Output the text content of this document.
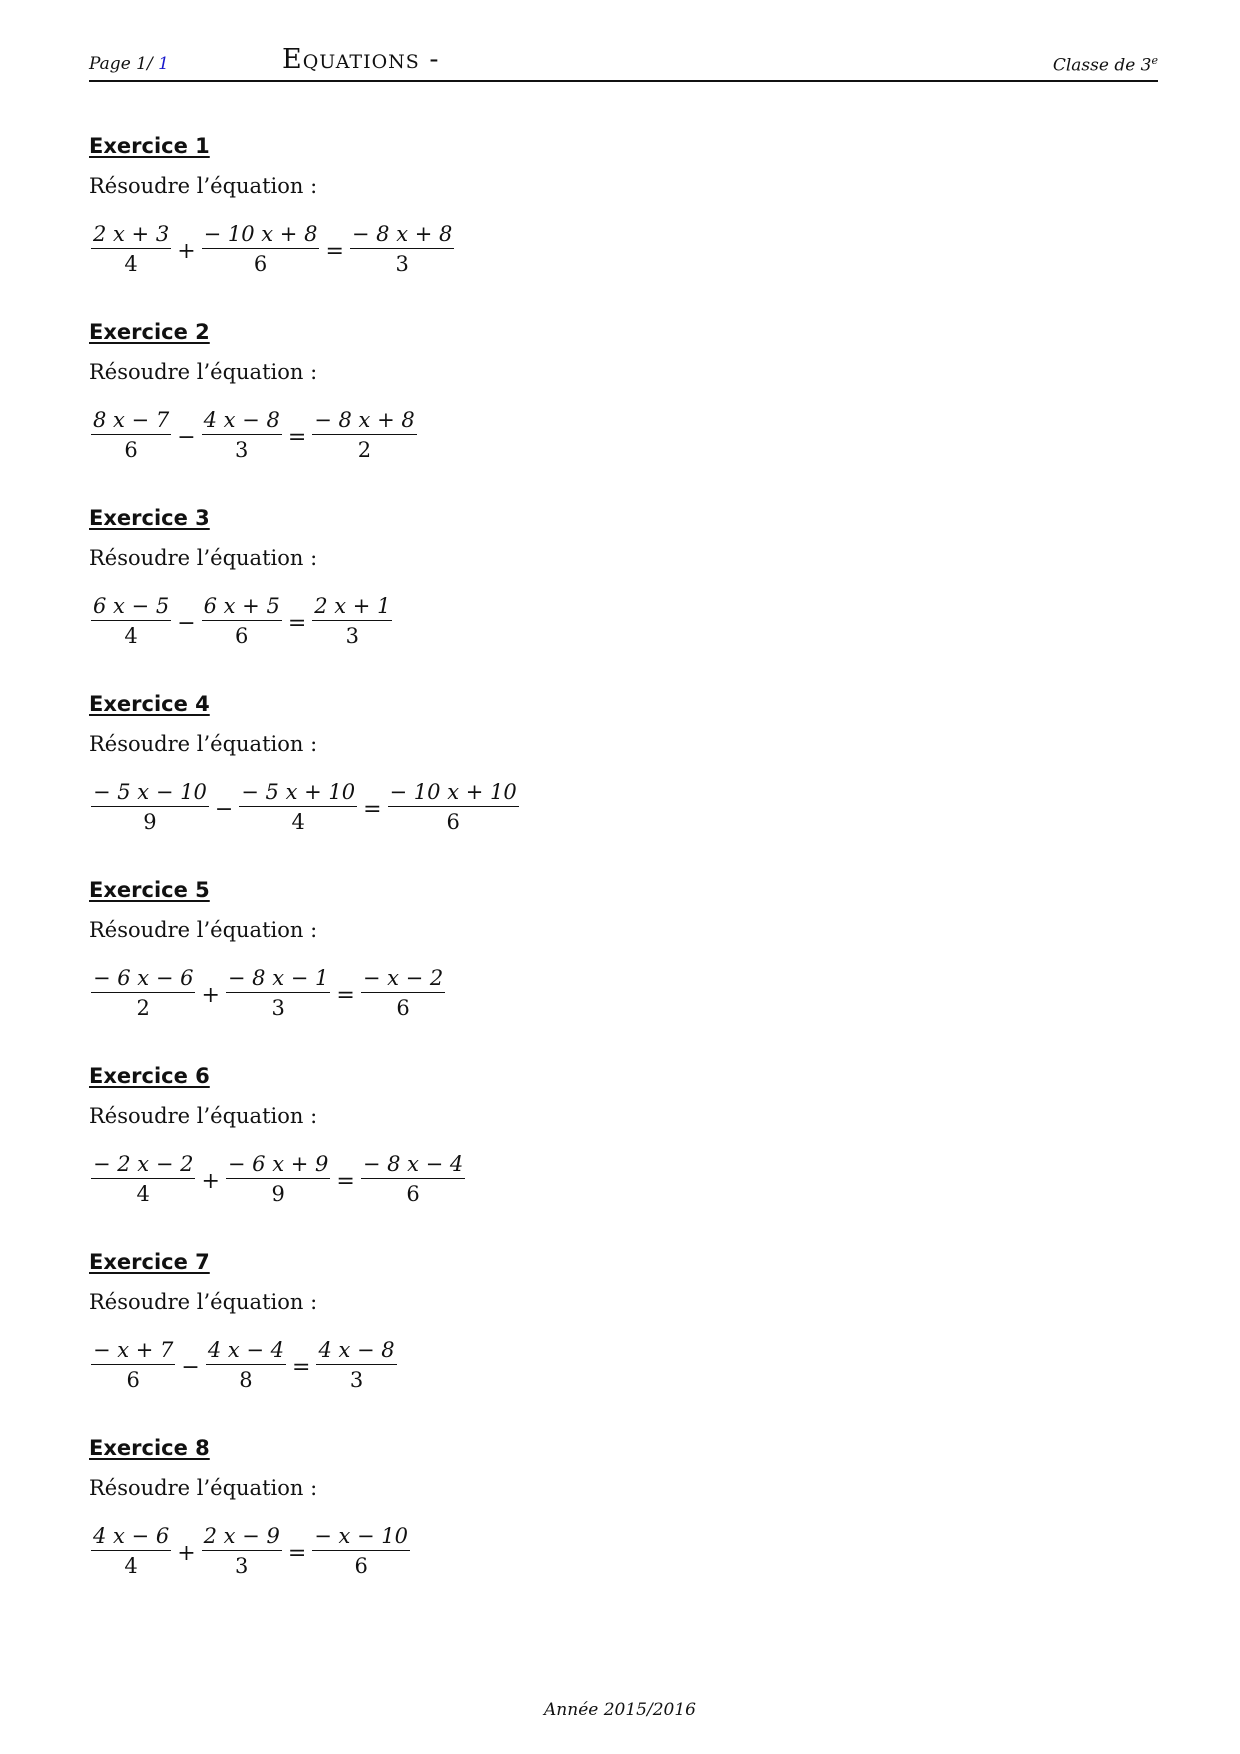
Page 1/ 1	Equations -	Classe de 3e
Exercice 1
Résoudre l’équation :
$\frac{2 x + 3}{4} + \frac{- 10 x + 8}{6} = \frac{- 8 x + 8}{3}$
Exercice 2
Résoudre l’équation :
$\frac{8 x - 7}{6} - \frac{4 x - 8}{3} = \frac{- 8 x + 8}{2}$
Exercice 3
Résoudre l’équation :
$\frac{6 x - 5}{4} - \frac{6 x + 5}{6} = \frac{2 x + 1}{3}$
Exercice 4
Résoudre l’équation :
$\frac{- 5 x - 10}{9} - \frac{- 5 x + 10}{4} = \frac{- 10 x + 10}{6}$
Exercice 5
Résoudre l’équation :
$\frac{- 6 x - 6}{2} + \frac{- 8 x - 1}{3} = \frac{- x - 2}{6}$
Exercice 6
Résoudre l’équation :
$\frac{- 2 x - 2}{4} + \frac{- 6 x + 9}{9} = \frac{- 8 x - 4}{6}$
Exercice 7
Résoudre l’équation :
$\frac{- x + 7}{6} - \frac{4 x - 4}{8} = \frac{4 x - 8}{3}$
Exercice 8
Résoudre l’équation :
$\frac{4 x - 6}{4} + \frac{2 x - 9}{3} = \frac{- x - 10}{6}$
Année 2015/2016
